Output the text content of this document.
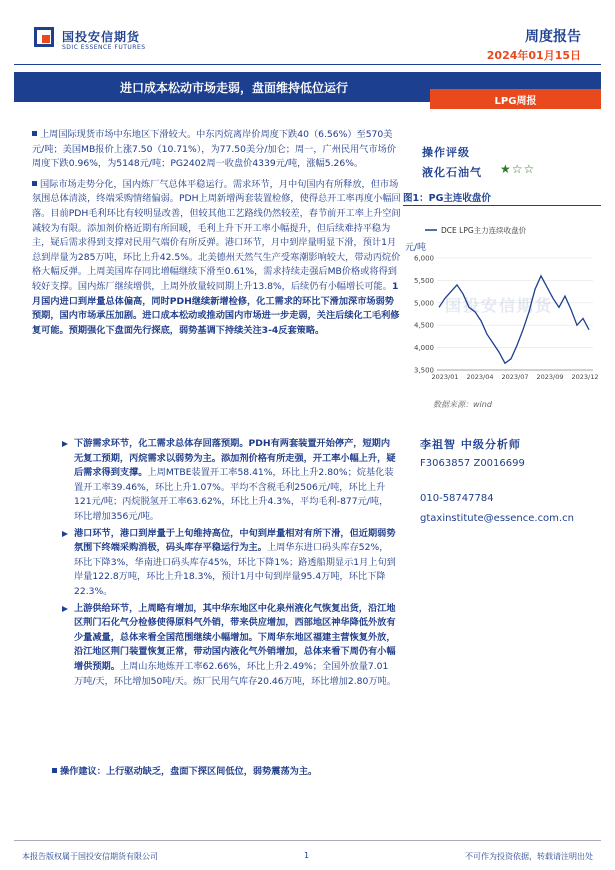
国投安信期货
SDIC ESSENCE FUTURES
周度报告
2024年01月15日
进口成本松动市场走弱，盘面维持低位运行
LPG周报

上周国际现货市场中东地区下滑较大。中东丙烷离岸价周度下跌40（6.56%）至570美元/吨；美国MB报价上涨7.50（10.71%），为77.50美分/加仑；周一，广州民用气市场价周度下跌0.96%，为5148元/吨；PG2402周一收盘价4339元/吨，涨幅5.26%。

国际市场走势分化，国内炼厂气总体平稳运行。需求环节，月中旬国内有所释放，但市场氛围总体清淡，终端采购情绪偏弱。PDH上周新增两套装置检修，使得总开工率再度小幅回落。目前PDH毛利环比有较明显改善，但较其他工艺路线仍然较差，春节前开工率上升空间减较为有限。添加剂价格近期有所回暖，毛利上升下开工率小幅提升，但后续难持平稳为主，疑后需求得到支撑对民用气端价有所反弹。港口环节，月中到岸量明显下滑，预计1月总到岸量为285万吨，环比上升42.5%。北美德州天然气生产受寒潮影响较大，带动丙烷价格大幅反弹。上周美国库存同比增幅继续下滑至0.61%，需求持续走强后MB价格或将得到较好支撑。国内炼厂继续增供，上周外放量较同期上升13.8%，后续仍有小幅增长可能。1月国内进口到岸量总体偏高，同时PDH继续新增检修，化工需求的环比下滑加深市场弱势预期，国内市场承压加剧。进口成本松动或推动国内市场进一步走弱，关注后续化工毛利修复可能。预期强化下盘面先行探底，弱势基调下持续关注3-4反套策略。

下游需求环节，化工需求总体存回落预期。PDH有两套装置开始停产，短期内无复工预期，丙烷需求以弱势为主。添加剂价格有所走强，开工率小幅上升，疑后需求得到支撑。上周MTBE装置开工率58.41%，环比上升2.80%；烷基化装置开工率39.46%，环比上升1.07%。平均不含税毛利2506元/吨，环比上升121元/吨；丙烷脱氢开工率63.62%，环比上升4.3%，平均毛利-877元/吨，环比增加356元/吨。
港口环节，港口到岸量于上旬维持高位，中旬到岸量相对有所下滑，但近期弱势氛围下终端采购消极，码头库存平稳运行为主。上周华东进口码头库存52%，环比下降3%，华南进口码头库存45%，环比下降1%；路透船期显示1月上旬到岸量122.8万吨，环比上升18.3%，预计1月中旬到岸量95.4万吨，环比下降22.3%。
上游供给环节，上周略有增加，其中华东地区中化泉州液化气恢复出货，沿江地区荆门石化气分检修使得原料气外销，带来供应增加，西部地区神华降低外放有少量减量，总体来看全国范围继续小幅增加。下周华东地区福建主营恢复外放，沿江地区荆门装置恢复正常，带动国内液化气外销增加，总体来看下周仍有小幅增供预期。上周山东地炼开工率62.66%，环比上升2.49%；全国外放量7.01万吨/天，环比增加50吨/天。炼厂民用气库存20.46万吨，环比增加2.80万吨。
操作建议：上行驱动缺乏，盘面下探区间低位，弱势震荡为主。
操作评级
液化石油气 ★☆☆
图1：PG主连收盘价
元/吨
DCE LPG主力连续收盘价
3,500
4,000
4,500
5,000
5,500
6,000
2023/01 2023/04 2023/07 2023/09 2023/12
国投安信期货
数据来源：wind
李祖智 中级分析师
F3063857 Z0016699
010-58747784
gtaxinstitute@essence.com.cn
本报告版权属于国投安信期货有限公司	1	不可作为投资依据，转载请注明出处
